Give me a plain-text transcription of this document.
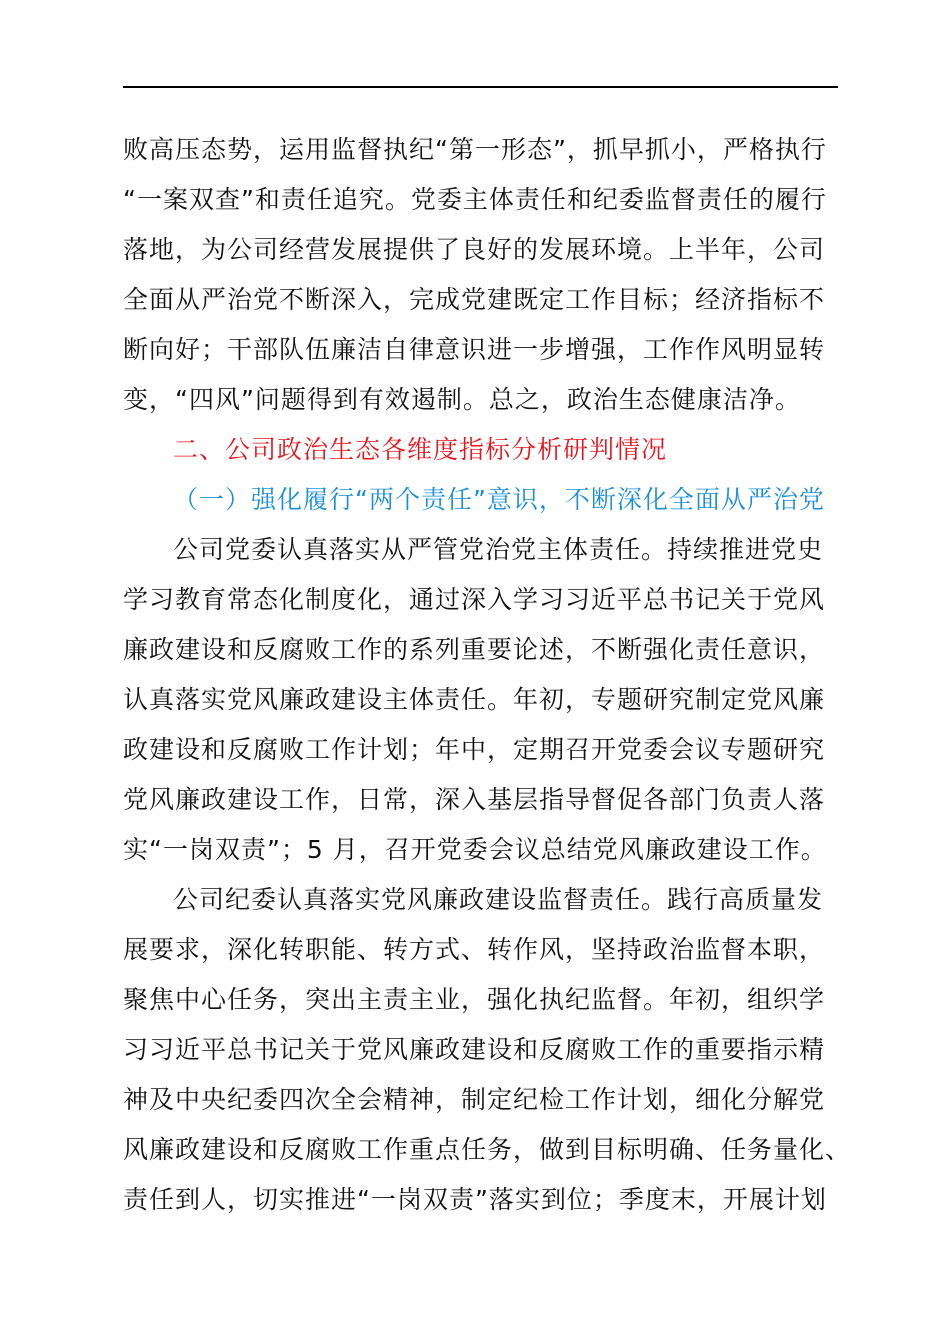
败高压态势，运用监督执纪“第一形态”，抓早抓小，严格执行
“一案双查”和责任追究。党委主体责任和纪委监督责任的履行
落地，为公司经营发展提供了良好的发展环境。上半年，公司
全面从严治党不断深入，完成党建既定工作目标；经济指标不
断向好；干部队伍廉洁自律意识进一步增强，工作作风明显转
变，“四风”问题得到有效遏制。总之，政治生态健康洁净。
二、公司政治生态各维度指标分析研判情况
（一）强化履行“两个责任”意识，不断深化全面从严治党
公司党委认真落实从严管党治党主体责任。持续推进党史
学习教育常态化制度化，通过深入学习习近平总书记关于党风
廉政建设和反腐败工作的系列重要论述，不断强化责任意识，
认真落实党风廉政建设主体责任。年初，专题研究制定党风廉
政建设和反腐败工作计划；年中，定期召开党委会议专题研究
党风廉政建设工作，日常，深入基层指导督促各部门负责人落
实“一岗双责”；5 月，召开党委会议总结党风廉政建设工作。
公司纪委认真落实党风廉政建设监督责任。践行高质量发
展要求，深化转职能、转方式、转作风，坚持政治监督本职，
聚焦中心任务，突出主责主业，强化执纪监督。年初，组织学
习习近平总书记关于党风廉政建设和反腐败工作的重要指示精
神及中央纪委四次全会精神，制定纪检工作计划，细化分解党
风廉政建设和反腐败工作重点任务，做到目标明确、任务量化、
责任到人，切实推进“一岗双责”落实到位；季度末，开展计划
